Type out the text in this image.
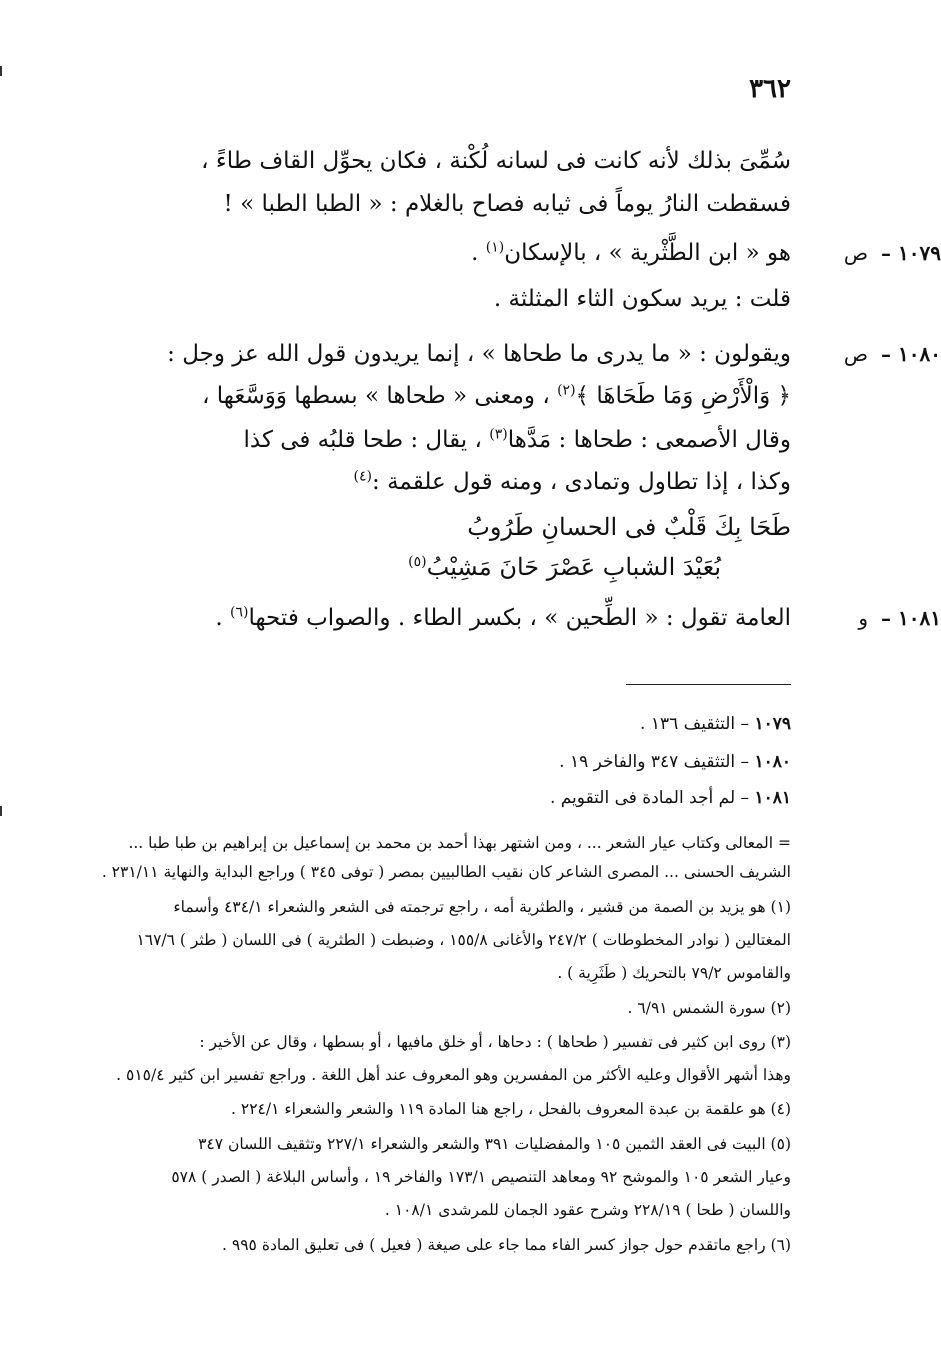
٣٦٢
سُمِّىَ بذلك لأنه كانت فى لسانه لُكْنة ، فكان يحوِّل القاف طاءً ،
فسقطت النارُ يوماً فى ثيابه فصاح بالغلام : « الطبا الطبا » !
١٠٧٩ – ص
هو « ابن الطَّثْرية » ، بالإسكان$^{(١)}$ .
قلت : يريد سكون الثاء المثلثة .
١٠٨٠ – ص
ويقولون : « ما يدرى ما طحاها » ، إنما يريدون قول الله عز وجل :
﴿ وَالْأَرْضِ وَمَا طَحَاهَا ﴾$^{(٢)}$ ، ومعنى « طحاها » بسطها وَوَسَّعَها ،
وقال الأصمعى : طحاها : مَدَّها$^{(٣)}$ ، يقال : طحا قلبُه فى كذا
وكذا ، إذا تطاول وتمادى ، ومنه قول علقمة :$^{(٤)}$
طَحَا بِكَ قَلْبٌ فى الحسانِ طَرُوبُ
بُعَيْدَ الشبابِ عَصْرَ حَانَ مَشِيْبُ$^{(٥)}$
١٠٨١ – و
العامة تقول : « الطِّحين » ، بكسر الطاء . والصواب فتحها$^{(٦)}$ .
١٠٧٩ – التثقيف ١٣٦ .
١٠٨٠ – التثقيف ٣٤٧ والفاخر ١٩ .
١٠٨١ – لم أجد المادة فى التقويم .
= المعالى وكتاب عيار الشعر ... ، ومن اشتهر بهذا أحمد بن محمد بن إسماعيل بن إبراهيم بن طبا طبا ...
الشريف الحسنى ... المصرى الشاعر كان نقيب الطالبيين بمصر ( توفى ٣٤٥ ) وراجع البداية والنهاية ٢٣١/١١ .
(١) هو يزيد بن الصمة من قشير ، والطثرية أمه ، راجع ترجمته فى الشعر والشعراء ٤٣٤/١ وأسماء
المغتالين ( نوادر المخطوطات ) ٢٤٧/٢ والأغانى ١٥٥/٨ ، وضبطت ( الطثرية ) فى اللسان ( طثر ) ١٦٧/٦
والقاموس ٧٩/٢ بالتحريك ( طَثَرِية ) .
(٢) سورة الشمس ٦/٩١ .
(٣) روى ابن كثير فى تفسير ( طحاها ) : دحاها ، أو خلق مافيها ، أو بسطها ، وقال عن الأخير :
وهذا أشهر الأقوال وعليه الأكثر من المفسرين وهو المعروف عند أهل اللغة . وراجع تفسير ابن كثير ٥١٥/٤ .
(٤) هو علقمة بن عبدة المعروف بالفحل ، راجع هنا المادة ١١٩ والشعر والشعراء ٢٢٤/١ .
(٥) البيت فى العقد الثمين ١٠٥ والمفضليات ٣٩١ والشعر والشعراء ٢٢٧/١ وتثقيف اللسان ٣٤٧
وعيار الشعر ١٠٥ والموشح ٩٢ ومعاهد التنصيص ١٧٣/١ والفاخر ١٩ ، وأساس البلاغة ( الصدر ) ٥٧٨
واللسان ( طحا ) ٢٢٨/١٩ وشرح عقود الجمان للمرشدى ١٠٨/١ .
(٦) راجع ماتقدم حول جواز كسر الفاء مما جاء على صيغة ( فعيل ) فى تعليق المادة ٩٩٥ .
